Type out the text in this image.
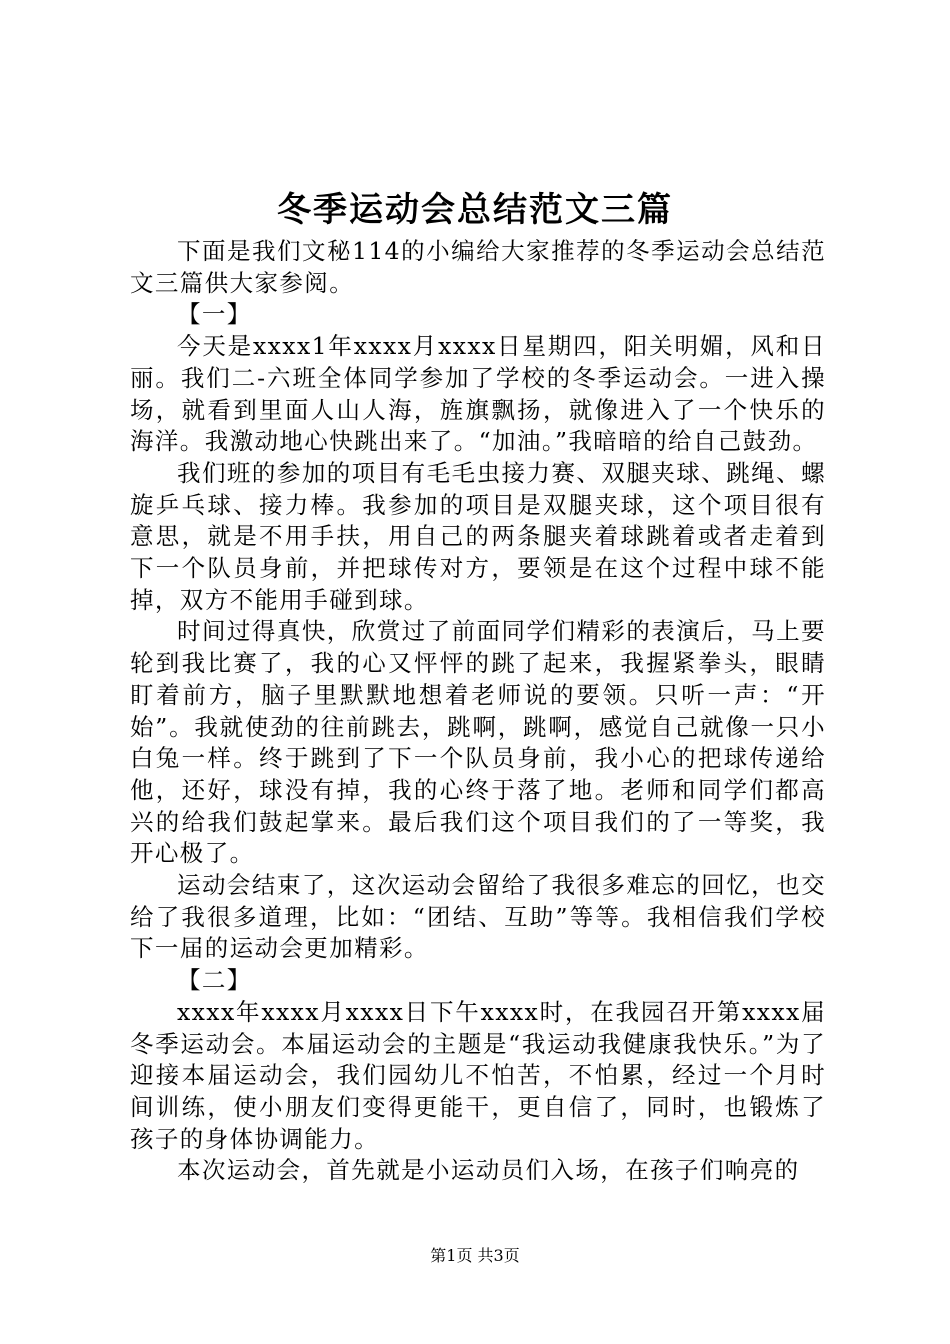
冬季运动会总结范文三篇

下面是我们文秘114的小编给大家推荐的冬季运动会总结范文三篇供大家参阅。

【一】

今天是xxxx1年xxxx月xxxx日星期四，阳关明媚，风和日丽。我们二-六班全体同学参加了学校的冬季运动会。一进入操场，就看到里面人山人海，旌旗飘扬，就像进入了一个快乐的海洋。我激动地心快跳出来了。“加油。”我暗暗的给自己鼓劲。

我们班的参加的项目有毛毛虫接力赛、双腿夹球、跳绳、螺旋乒乓球、接力棒。我参加的项目是双腿夹球，这个项目很有意思，就是不用手扶，用自己的两条腿夹着球跳着或者走着到下一个队员身前，并把球传对方，要领是在这个过程中球不能掉，双方不能用手碰到球。

时间过得真快，欣赏过了前面同学们精彩的表演后，马上要轮到我比赛了，我的心又怦怦的跳了起来，我握紧拳头，眼睛盯着前方，脑子里默默地想着老师说的要领。只听一声：“开始”。我就使劲的往前跳去，跳啊，跳啊，感觉自己就像一只小白兔一样。终于跳到了下一个队员身前，我小心的把球传递给他，还好，球没有掉，我的心终于落了地。老师和同学们都高兴的给我们鼓起掌来。最后我们这个项目我们的了一等奖，我开心极了。

运动会结束了，这次运动会留给了我很多难忘的回忆，也交给了我很多道理，比如：“团结、互助”等等。我相信我们学校下一届的运动会更加精彩。

【二】

xxxx年xxxx月xxxx日下午xxxx时，在我园召开第xxxx届冬季运动会。本届运动会的主题是“我运动我健康我快乐。”为了迎接本届运动会，我们园幼儿不怕苦，不怕累，经过一个月时间训练，使小朋友们变得更能干，更自信了，同时，也锻炼了孩子的身体协调能力。

本次运动会，首先就是小运动员们入场，在孩子们响亮的

第1页 共3页
